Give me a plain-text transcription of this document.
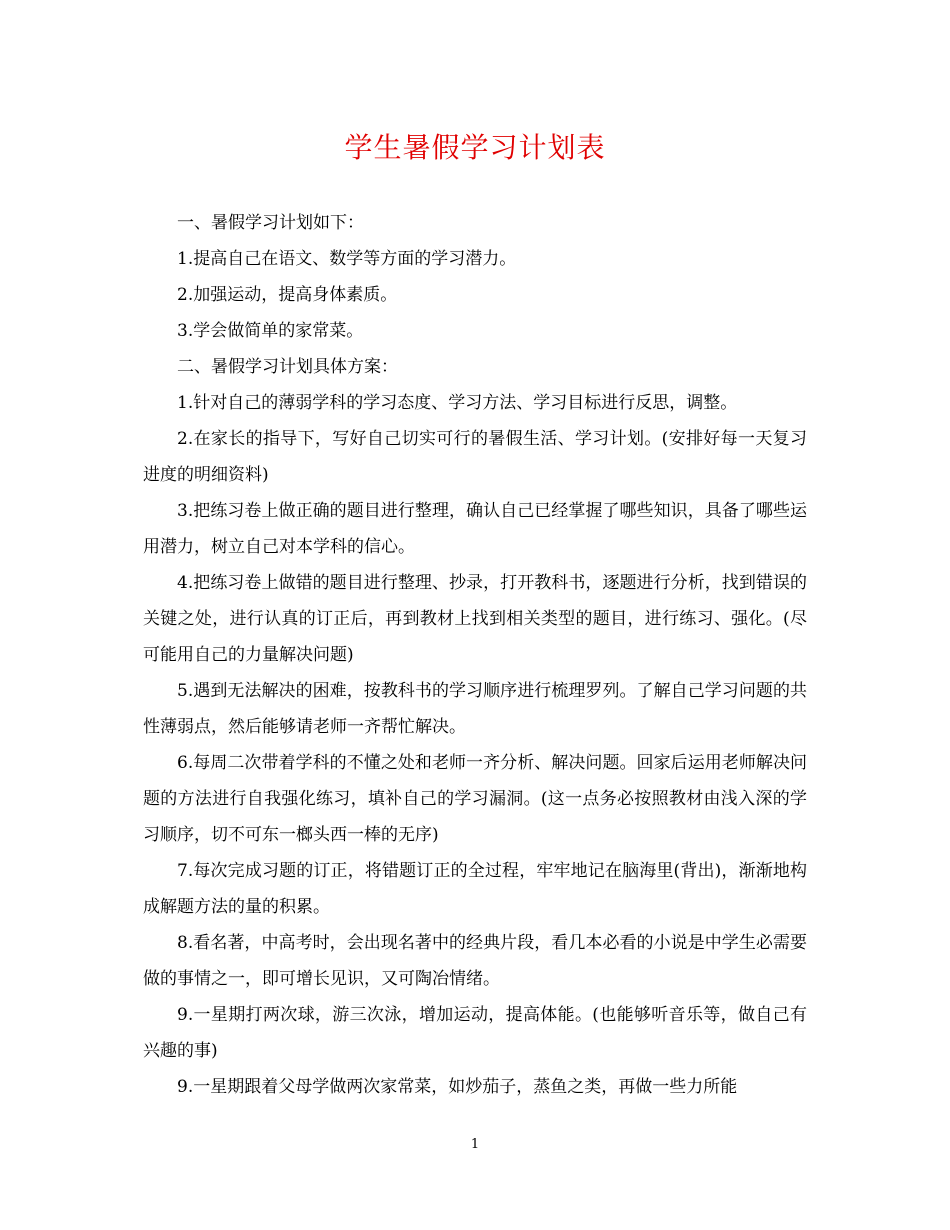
学生暑假学习计划表

一、暑假学习计划如下：

1.提高自己在语文、数学等方面的学习潜力。

2.加强运动，提高身体素质。

3.学会做简单的家常菜。

二、暑假学习计划具体方案：

1.针对自己的薄弱学科的学习态度、学习方法、学习目标进行反思，调整。

2.在家长的指导下，写好自己切实可行的暑假生活、学习计划。(安排好每一天复习进度的明细资料)

3.把练习卷上做正确的题目进行整理，确认自己已经掌握了哪些知识，具备了哪些运用潜力，树立自己对本学科的信心。

4.把练习卷上做错的题目进行整理、抄录，打开教科书，逐题进行分析，找到错误的关键之处，进行认真的订正后，再到教材上找到相关类型的题目，进行练习、强化。(尽可能用自己的力量解决问题)

5.遇到无法解决的困难，按教科书的学习顺序进行梳理罗列。了解自己学习问题的共性薄弱点，然后能够请老师一齐帮忙解决。

6.每周二次带着学科的不懂之处和老师一齐分析、解决问题。回家后运用老师解决问题的方法进行自我强化练习，填补自己的学习漏洞。(这一点务必按照教材由浅入深的学习顺序，切不可东一榔头西一棒的无序)

7.每次完成习题的订正，将错题订正的全过程，牢牢地记在脑海里(背出)，渐渐地构成解题方法的量的积累。

8.看名著，中高考时，会出现名著中的经典片段，看几本必看的小说是中学生必需要做的事情之一，即可增长见识，又可陶冶情绪。

9.一星期打两次球，游三次泳，增加运动，提高体能。(也能够听音乐等，做自己有兴趣的事)

9.一星期跟着父母学做两次家常菜，如炒茄子，蒸鱼之类，再做一些力所能

1
